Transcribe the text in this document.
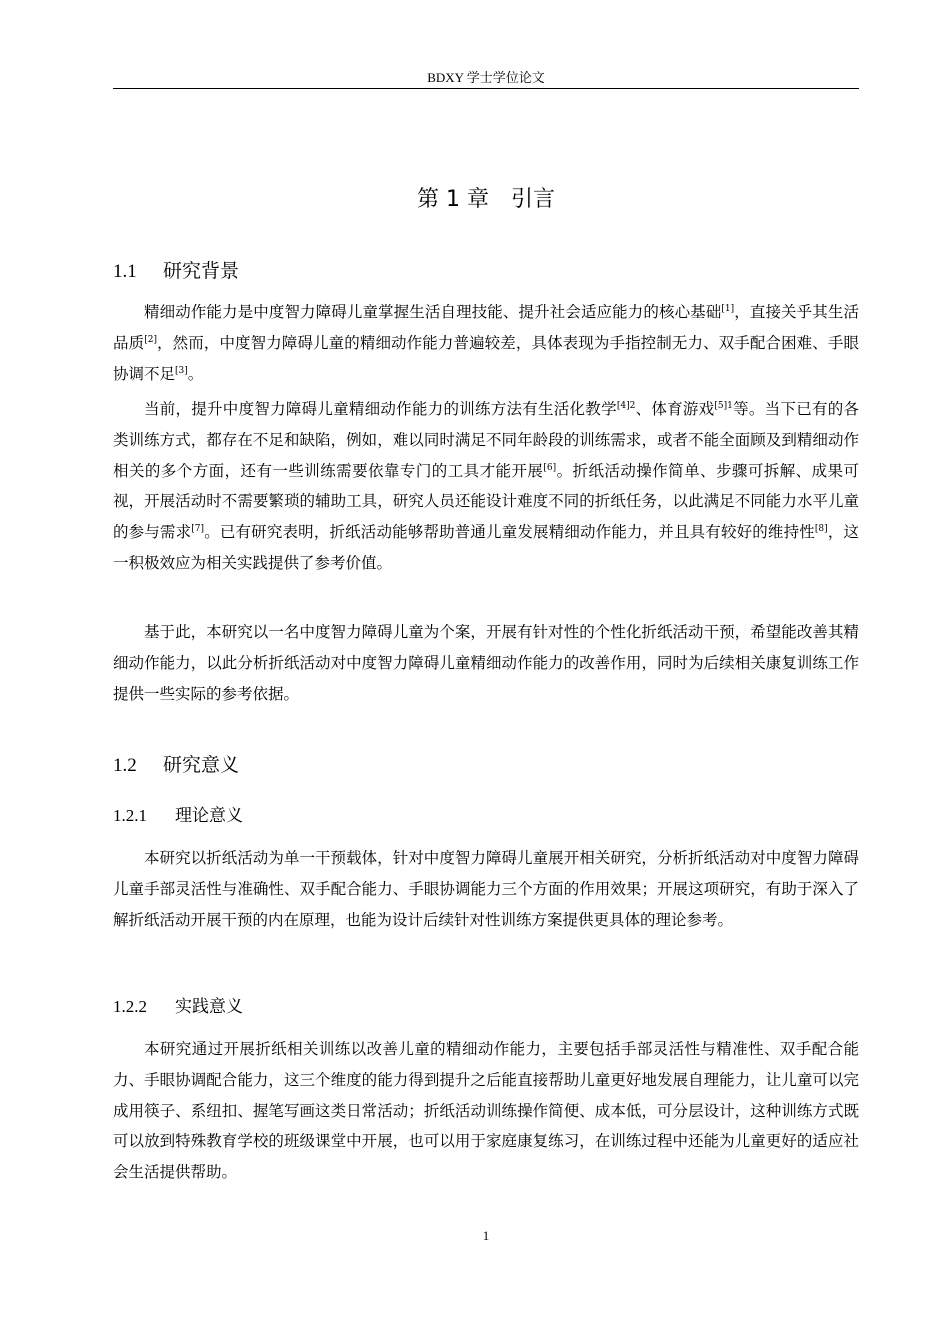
BDXY 学士学位论文
第 1 章 引言
1.1 研究背景

精细动作能力是中度智力障碍儿童掌握生活自理技能、提升社会适应能力的核心基础[1]，直接关乎其生活品质[2]，然而，中度智力障碍儿童的精细动作能力普遍较差，具体表现为手指控制无力、双手配合困难、手眼协调不足[3]。

当前，提升中度智力障碍儿童精细动作能力的训练方法有生活化教学$^{[4]2}$、体育游戏$^{[5]1}$等。当下已有的各类训练方式，都存在不足和缺陷，例如，难以同时满足不同年龄段的训练需求，或者不能全面顾及到精细动作相关的多个方面，还有一些训练需要依靠专门的工具才能开展[6]。折纸活动操作简单、步骤可拆解、成果可视，开展活动时不需要繁琐的辅助工具，研究人员还能设计难度不同的折纸任务，以此满足不同能力水平儿童的参与需求[7]。已有研究表明，折纸活动能够帮助普通儿童发展精细动作能力，并且具有较好的维持性[8]，这一积极效应为相关实践提供了参考价值。

基于此，本研究以一名中度智力障碍儿童为个案，开展有针对性的个性化折纸活动干预，希望能改善其精细动作能力，以此分析折纸活动对中度智力障碍儿童精细动作能力的改善作用，同时为后续相关康复训练工作提供一些实际的参考依据。

1.2 研究意义
1.2.1 理论意义

本研究以折纸活动为单一干预载体，针对中度智力障碍儿童展开相关研究，分析折纸活动对中度智力障碍儿童手部灵活性与准确性、双手配合能力、手眼协调能力三个方面的作用效果；开展这项研究，有助于深入了解折纸活动开展干预的内在原理，也能为设计后续针对性训练方案提供更具体的理论参考。

1.2.2 实践意义

本研究通过开展折纸相关训练以改善儿童的精细动作能力，主要包括手部灵活性与精准性、双手配合能力、手眼协调配合能力，这三个维度的能力得到提升之后能直接帮助儿童更好地发展自理能力，让儿童可以完成用筷子、系纽扣、握笔写画这类日常活动；折纸活动训练操作简便、成本低，可分层设计，这种训练方式既可以放到特殊教育学校的班级课堂中开展，也可以用于家庭康复练习，在训练过程中还能为儿童更好的适应社会生活提供帮助。

1
